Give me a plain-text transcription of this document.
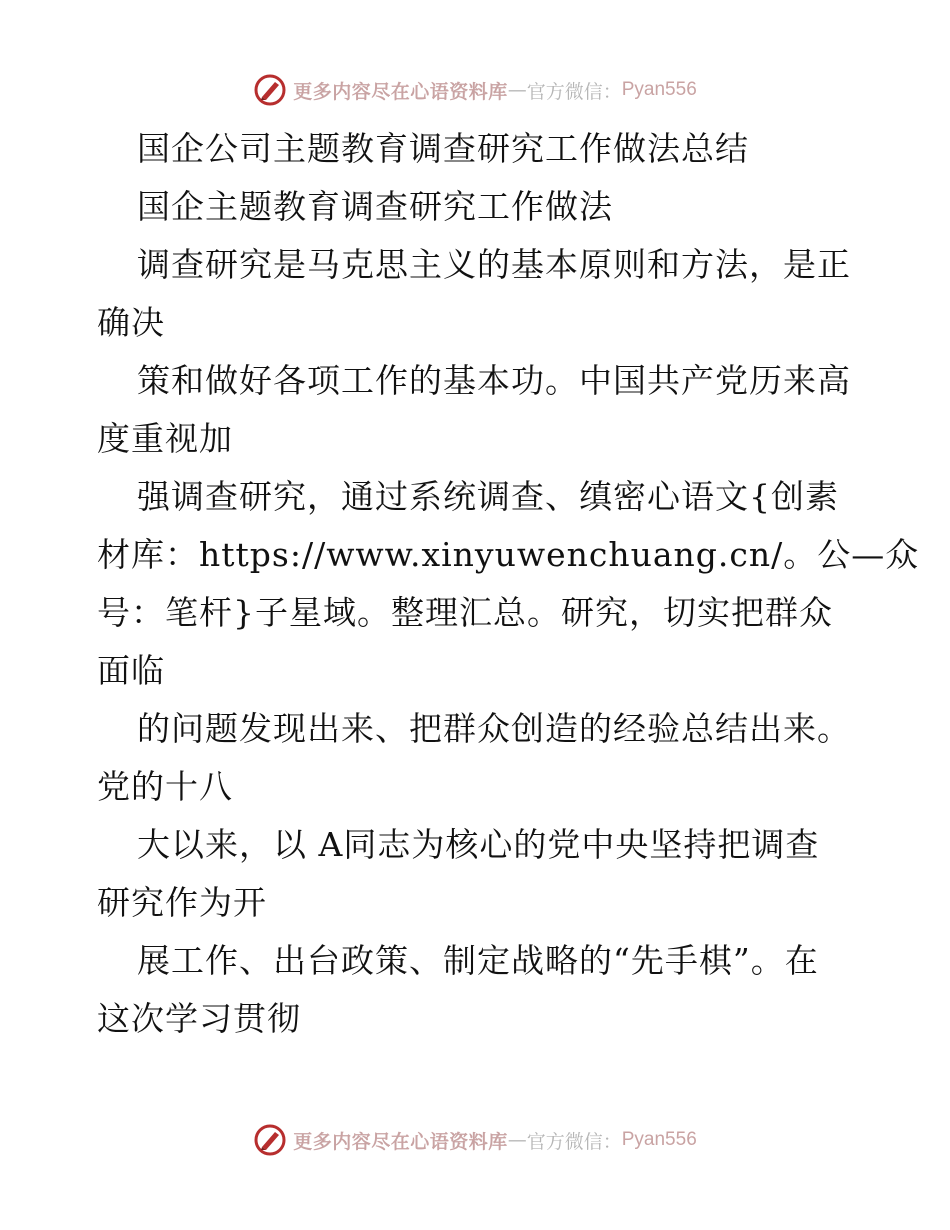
更多内容尽在心语资料库 — 官方微信： Pyan556
国企公司主题教育调查研究工作做法总结
国企主题教育调查研究工作做法
调查研究是马克思主义的基本原则和方法，是正
确决
策和做好各项工作的基本功。中国共产党历来高
度重视加
强调查研究，通过系统调查、缜密心语文{创素
材库：https://www.xinyuwenchuang.cn/。公—众
号：笔杆}子星域。整理汇总。研究，切实把群众
面临
的问题发现出来、把群众创造的经验总结出来。
党的十八
大以来，以 A同志为核心的党中央坚持把调查
研究作为开
展工作、出台政策、制定战略的“先手棋”。在
这次学习贯彻
更多内容尽在心语资料库 — 官方微信： Pyan556
